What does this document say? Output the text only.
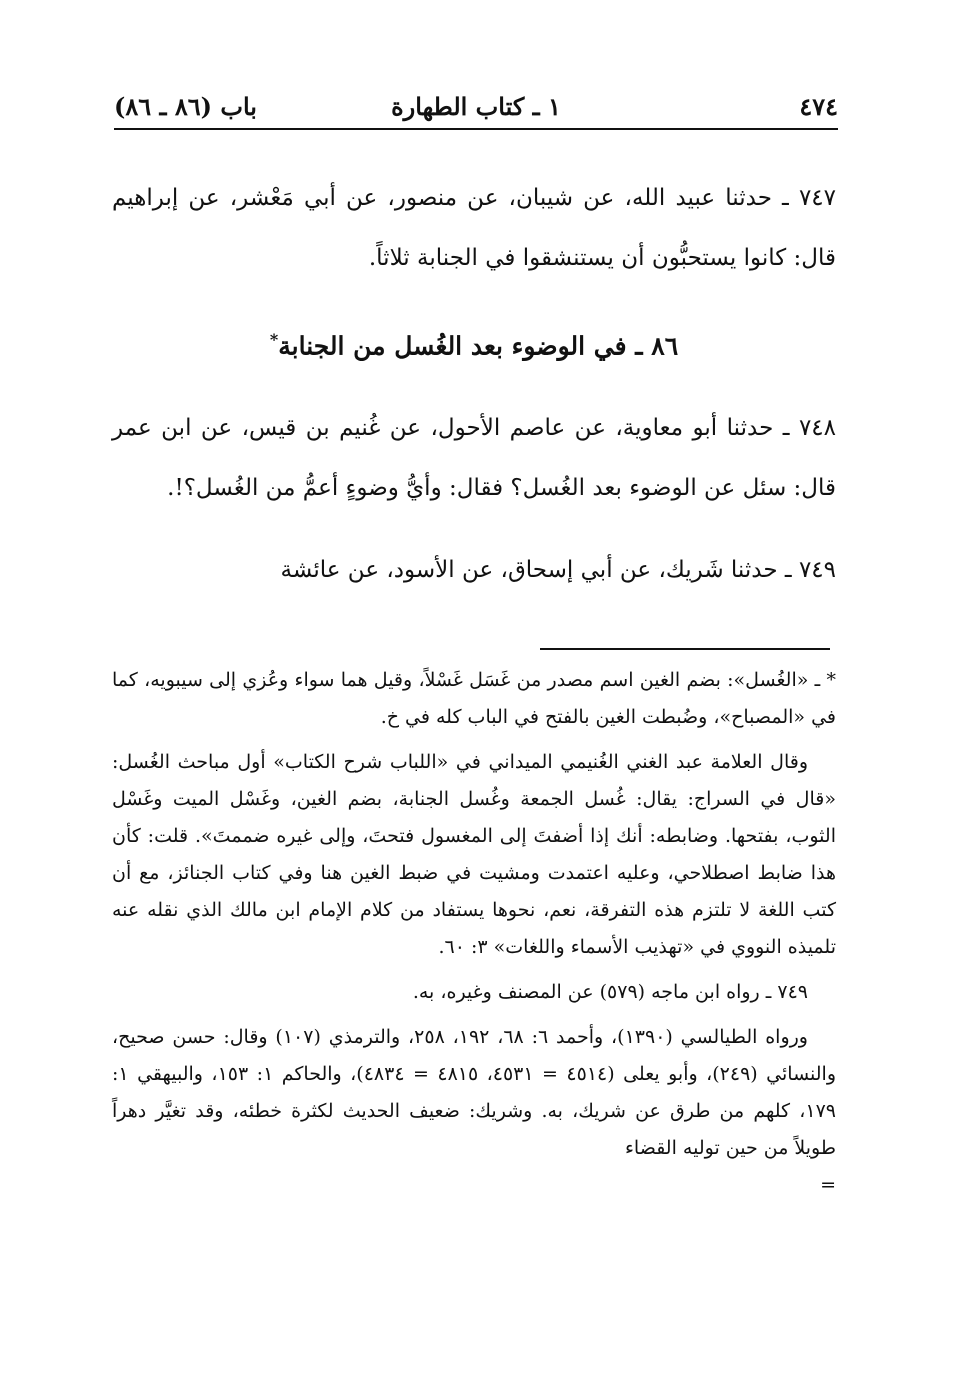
٤٧٤
١ ـ كتاب الطهارة
باب (٨٦ ـ ٨٦)

٧٤٧ ـ حدثنا عبيد الله، عن شيبان، عن منصور، عن أبي مَعْشر، عن إبراهيم قال: كانوا يستحبُّون أن يستنشقوا في الجنابة ثلاثاً.

٨٦ ـ في الوضوء بعد الغُسل من الجنابة*

٧٤٨ ـ حدثنا أبو معاوية، عن عاصم الأحول، عن غُنيم بن قيس، عن ابن عمر قال: سئل عن الوضوء بعد الغُسل؟ فقال: وأيُّ وضوءٍ أعمُّ من الغُسل؟!.

٧٤٩ ـ حدثنا شَريك، عن أبي إسحاق، عن الأسود، عن عائشة

* ـ «الغُسل»: بضم الغين اسم مصدر من غَسَل غَسْلاً، وقيل هما سواء وعُزي إلى سيبويه، كما في «المصباح»، وضُبطت الغين بالفتح في الباب كله في خ.

وقال العلامة عبد الغني الغُنيمي الميداني في «اللباب شرح الكتاب» أول مباحث الغُسل: «قال في السراج: يقال: غُسل الجمعة وغُسل الجنابة، بضم الغين، وغَسْل الميت وغَسْل الثوب، بفتحها. وضابطه: أنك إذا أضفتَ إلى المغسول فتحتَ، وإلى غيره ضممتَ». قلت: كأن هذا ضابط اصطلاحي، وعليه اعتمدت ومشيت في ضبط الغين هنا وفي كتاب الجنائز، مع أن كتب اللغة لا تلتزم هذه التفرقة، نعم، نحوها يستفاد من كلام الإمام ابن مالك الذي نقله عنه تلميذه النووي في «تهذيب الأسماء واللغات» ٣: ٦٠.

٧٤٩ ـ رواه ابن ماجه (٥٧٩) عن المصنف وغيره، به.

ورواه الطيالسي (١٣٩٠)، وأحمد ٦: ٦٨، ١٩٢، ٢٥٨، والترمذي (١٠٧) وقال: حسن صحيح، والنسائي (٢٤٩)، وأبو يعلى (٤٥١٤ = ٤٥٣١، ٤٨١٥ = ٤٨٣٤)، والحاكم ١: ١٥٣، والبيهقي ١: ١٧٩، كلهم من طرق عن شريك، به. وشريك: ضعيف الحديث لكثرة خطئه، وقد تغيَّر دهراً طويلاً من حين توليه القضاء

=
